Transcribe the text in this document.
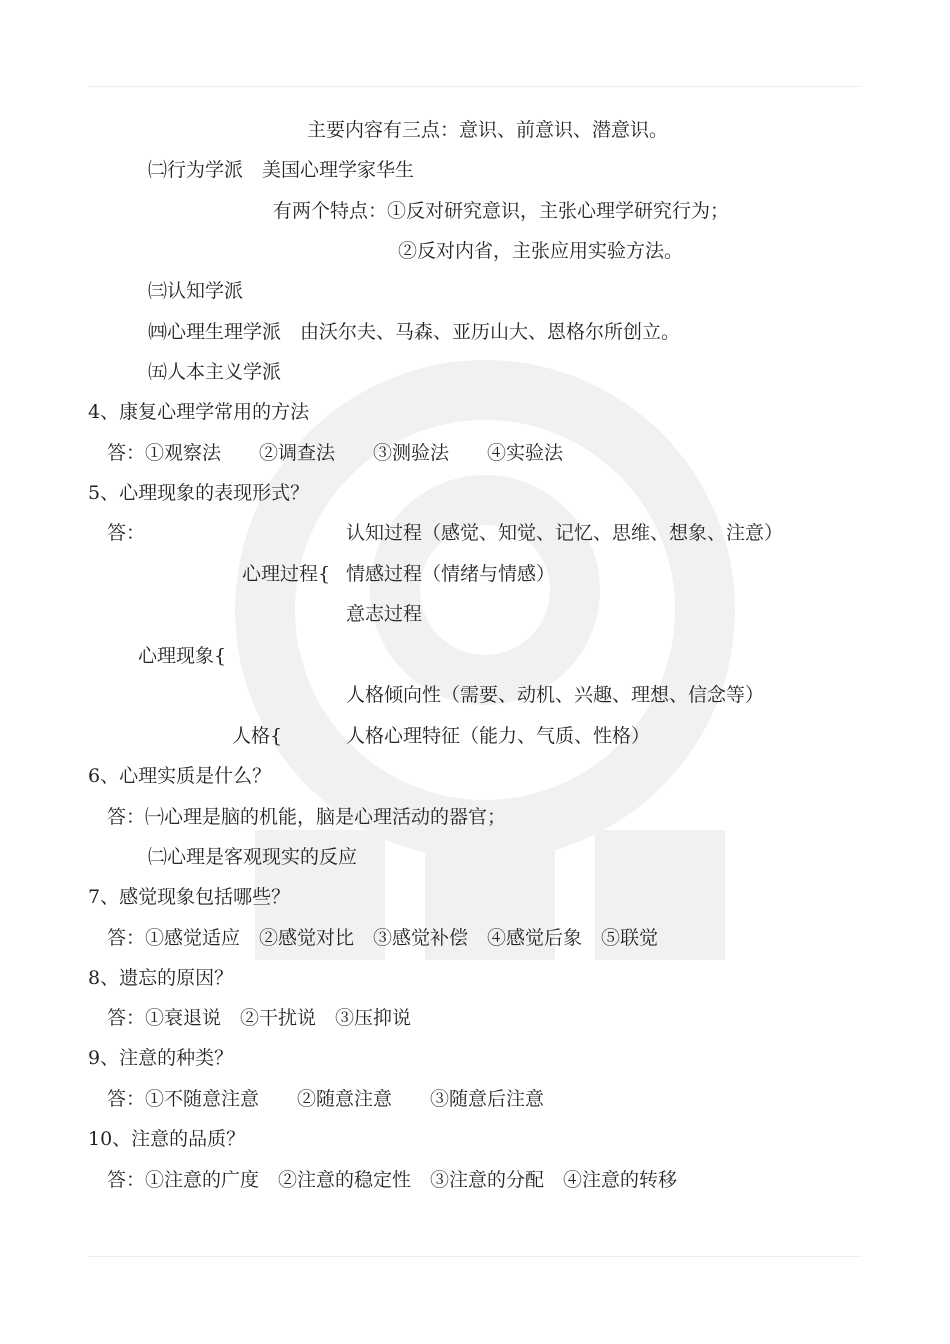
主要内容有三点：意识、前意识、潜意识。
㈡行为学派　美国心理学家华生
有两个特点：①反对研究意识，主张心理学研究行为；
②反对内省，主张应用实验方法。
㈢认知学派
㈣心理生理学派　由沃尔夫、马森、亚历山大、恩格尔所创立。
㈤人本主义学派
4、康复心理学常用的方法
答：①观察法　　②调查法　　③测验法　　④实验法
5、心理现象的表现形式？
答：	认知过程（感觉、知觉、记忆、思维、想象、注意）
心理过程{ 情感过程（情绪与情感）
意志过程
心理现象{
人格倾向性（需要、动机、兴趣、理想、信念等）
人格{	人格心理特征（能力、气质、性格）
6、心理实质是什么？
答：㈠心理是脑的机能，脑是心理活动的器官；
㈡心理是客观现实的反应
7、感觉现象包括哪些？
答：①感觉适应　②感觉对比　③感觉补偿　④感觉后象　⑤联觉
8、遗忘的原因？
答：①衰退说　②干扰说　③压抑说
9、注意的种类？
答：①不随意注意　　②随意注意　　③随意后注意
10、注意的品质？
答：①注意的广度　②注意的稳定性　③注意的分配　④注意的转移
